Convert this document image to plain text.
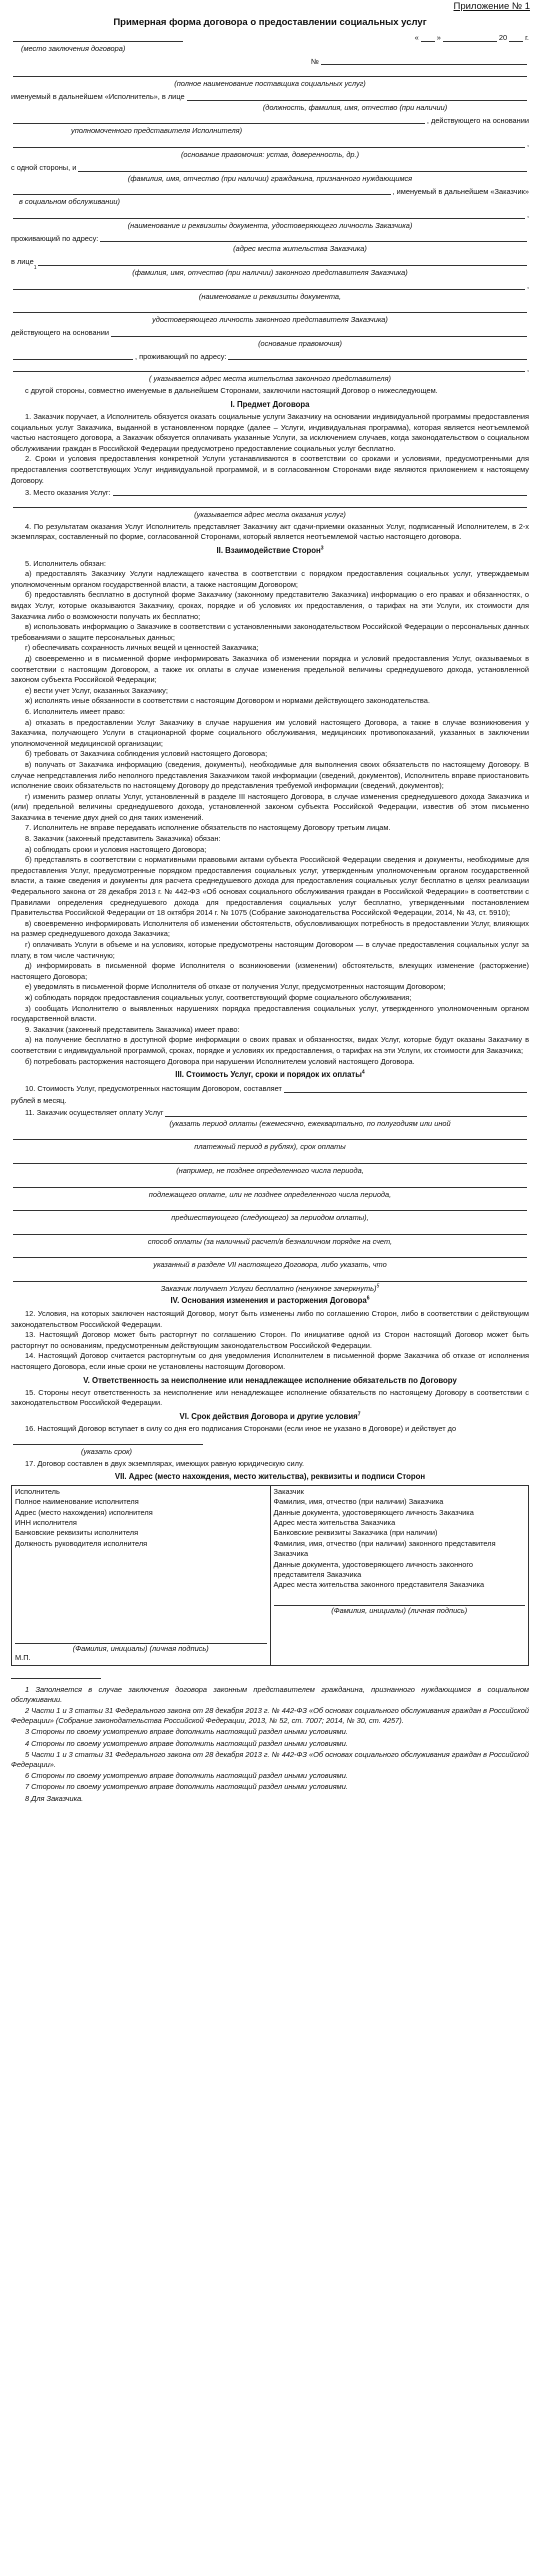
Приложение № 1
Примерная форма договора о предоставлении социальных услуг
« »	20 г.
(место заключения договора)
№
(полное наименование поставщика социальных услуг)
именуемый в дальнейшем «Исполнитель», в лице
(должность, фамилия, имя, отчество (при наличии)
, действующего на основании
уполномоченного представителя Исполнителя)
,
(основание правомочия: устав, доверенность, др.)
с одной стороны, и
(фамилия, имя, отчество (при наличии) гражданина, признанного нуждающимся
, именуемый в дальнейшем «Заказчик»
в социальном обслуживании)
,
(наименование и реквизиты документа, удостоверяющего личность Заказчика)
проживающий по адресу:
(адрес места жительства Заказчика)
в лице
1	(фамилия, имя, отчество (при наличии) законного представителя Заказчика)
,
(наименование и реквизиты документа,
удостоверяющего личность законного представителя Заказчика)
действующего на основании
(основание правомочия)
, проживающий по адресу:
,
( указывается адрес места жительства законного представителя)
с другой стороны, совместно именуемые в дальнейшем Сторонами, заключили настоящий Договор о нижеследующем.
I. Предмет Договора
1. Заказчик поручает, а Исполнитель обязуется оказать социальные услуги Заказчику на основании индивидуальной программы предоставления социальных услуг Заказчика, выданной в установленном порядке (далее – Услуги, индивидуальная программа), которая является неотъемлемой частью настоящего договора, а Заказчик обязуется оплачивать указанные Услуги, за исключением случаев, когда законодательством о социальном обслуживании граждан в Российской Федерации предусмотрено предоставление социальных услуг бесплатно.
2. Сроки и условия предоставления конкретной Услуги устанавливаются в соответствии со сроками и условиями, предусмотренными для предоставления соответствующих Услуг индивидуальной программой, и в согласованном Сторонами виде являются приложением к настоящему Договору.
3. Место оказания Услуг:
(указывается адрес места оказания услуг)
4. По результатам оказания Услуг Исполнитель представляет Заказчику акт сдачи-приемки оказанных Услуг, подписанный Исполнителем, в 2-х экземплярах, составленный по форме, согласованной Сторонами, который является неотъемлемой частью настоящего договора.
II. Взаимодействие Сторон$^3$
5. Исполнитель обязан:
а) предоставлять Заказчику Услуги надлежащего качества в соответствии с порядком предоставления социальных услуг, утверждаемым уполномоченным органом государственной власти, а также настоящим Договором;
б) предоставлять бесплатно в доступной форме Заказчику (законному представителю Заказчика) информацию о его правах и обязанностях, о видах Услуг, которые оказываются Заказчику, сроках, порядке и об условиях их предоставления, о тарифах на эти Услуги, их стоимости для Заказчика либо о возможности получать их бесплатно;
в) использовать информацию о Заказчике в соответствии с установленными законодательством Российской Федерации о персональных данных требованиями о защите персональных данных;
г) обеспечивать сохранность личных вещей и ценностей Заказчика;
д) своевременно и в письменной форме информировать Заказчика об изменении порядка и условий предоставления Услуг, оказываемых в соответствии с настоящим Договором, а также их оплаты в случае изменения предельной величины среднедушевого дохода, установленной законом субъекта Российской Федерации;
е) вести учет Услуг, оказанных Заказчику;
ж) исполнять иные обязанности в соответствии с настоящим Договором и нормами действующего законодательства.
6. Исполнитель имеет право:
а) отказать в предоставлении Услуг Заказчику в случае нарушения им условий настоящего Договора, а также в случае возникновения у Заказчика, получающего Услуги в стационарной форме социального обслуживания, медицинских противопоказаний, указанных в заключении уполномоченной медицинской организации;
б) требовать от Заказчика соблюдения условий настоящего Договора;
в) получать от Заказчика информацию (сведения, документы), необходимые для выполнения своих обязательств по настоящему Договору. В случае непредставления либо неполного представления Заказчиком такой информации (сведений, документов), Исполнитель вправе приостановить исполнение своих обязательств по настоящему Договору до представления требуемой информации (сведений, документов);
г) изменить размер оплаты Услуг, установленный в разделе III настоящего Договора, в случае изменения среднедушевого дохода Заказчика и (или) предельной величины среднедушевого дохода, установленной законом субъекта Российской Федерации, известив об этом письменно Заказчика в течение двух дней со дня таких изменений.
7. Исполнитель не вправе передавать исполнение обязательств по настоящему Договору третьим лицам.
8. Заказчик (законный представитель Заказчика) обязан:
а) соблюдать сроки и условия настоящего Договора;
б) представлять в соответствии с нормативными правовыми актами субъекта Российской Федерации сведения и документы, необходимые для предоставления Услуг, предусмотренные порядком предоставления социальных услуг, утвержденным уполномоченным органом государственной власти, а также сведения и документы для расчета среднедушевого дохода для предоставления социальных услуг бесплатно в целях реализации Федерального закона от 28 декабря 2013 г. № 442-ФЗ «Об основах социального обслуживания граждан в Российской Федерации» в соответствии с Правилами определения среднедушевого дохода для предоставления социальных услуг бесплатно, утвержденными постановлением Правительства Российской Федерации от 18 октября 2014 г. № 1075 (Собрание законодательства Российской Федерации, 2014, № 43, ст. 5910);
в) своевременно информировать Исполнителя об изменении обстоятельств, обусловливающих потребность в предоставлении Услуг, влияющих на размер среднедушевого дохода Заказчика;
г) оплачивать Услуги в объеме и на условиях, которые предусмотрены настоящим Договором — в случае предоставления социальных услуг за плату, в том числе частичную;
д) информировать в письменной форме Исполнителя о возникновении (изменении) обстоятельств, влекущих изменение (расторжение) настоящего Договора;
е) уведомлять в письменной форме Исполнителя об отказе от получения Услуг, предусмотренных настоящим Договором;
ж) соблюдать порядок предоставления социальных услуг, соответствующий форме социального обслуживания;
з) сообщать Исполнителю о выявленных нарушениях порядка предоставления социальных услуг, утвержденного уполномоченным органом государственной власти.
9. Заказчик (законный представитель Заказчика) имеет право:
а) на получение бесплатно в доступной форме информации о своих правах и обязанностях, видах Услуг, которые будут оказаны Заказчику в соответствии с индивидуальной программой, сроках, порядке и условиях их предоставления, о тарифах на эти Услуги, их стоимости для Заказчика;
б) потребовать расторжения настоящего Договора при нарушении Исполнителем условий настоящего Договора.
III. Стоимость Услуг, сроки и порядок их оплаты$^4$
10. Стоимость Услуг, предусмотренных настоящим Договором, составляет
рублей в месяц .
11. Заказчик осуществляет оплату Услуг
(указать период оплаты (ежемесячно, ежеквартально, по полугодиям или иной
платежный период в рублях), срок оплаты
(например, не позднее определенного числа периода,
подлежащего оплате, или не позднее определенного числа периода,
предшествующего (следующего) за периодом оплаты),
способ оплаты (за наличный расчет/в безналичном порядке на счет,
указанный в разделе VII настоящего Договора, либо указать, что
Заказчик получает Услуги бесплатно (ненужное зачеркнуть)$^5$
IV. Основания изменения и расторжения Договора$^6$
12. Условия, на которых заключен настоящий Договор, могут быть изменены либо по соглашению Сторон, либо в соответствии с действующим законодательством Российской Федерации.
13. Настоящий Договор может быть расторгнут по соглашению Сторон. По инициативе одной из Сторон настоящий Договор может быть расторгнут по основаниям, предусмотренным действующим законодательством Российской Федерации.
14. Настоящий Договор считается расторгнутым со дня уведомления Исполнителем в письменной форме Заказчика об отказе от исполнения настоящего Договора, если иные сроки не установлены настоящим Договором.
V. Ответственность за неисполнение или ненадлежащее исполнение обязательств по Договору
15. Стороны несут ответственность за неисполнение или ненадлежащее исполнение обязательств по настоящему Договору в соответствии с законодательством Российской Федерации.
VI. Срок действия Договора и другие условия$^7$
16. Настоящий Договор вступает в силу со дня его подписания Сторонами (если иное не указано в Договоре) и действует до
(указать срок)
17. Договор составлен в двух экземплярах, имеющих равную юридическую силу.
VII. Адрес (место нахождения, место жительства), реквизиты и подписи Сторон
Исполнитель
Полное наименование исполнителя
Адрес (место нахождения) исполнителя
ИНН исполнителя
Банковские реквизиты исполнителя
Должность руководителя исполнителя
(Фамилия, инициалы) (личная подпись)
М.П.

Заказчик
Фамилия, имя, отчество (при наличии) Заказчика
Данные документа, удостоверяющего личность Заказчика
Адрес места жительства Заказчика
Банковские реквизиты Заказчика (при наличии)
Фамилия, имя, отчество (при наличии) законного представителя Заказчика
Данные документа, удостоверяющего личность законного представителя Заказчика
Адрес места жительства законного представителя Заказчика
(Фамилия, инициалы) (личная подпись)
1 Заполняется в случае заключения договора законным представителем гражданина, признанного нуждающимся в социальном обслуживании.
2 Части 1 и 3 статьи 31 Федерального закона от 28 декабря 2013 г. № 442-ФЗ «Об основах социального обслуживания граждан в Российской Федерации» (Собрание законодательства Российской Федерации, 2013, № 52, ст. 7007; 2014, № 30, ст. 4257).
3 Стороны по своему усмотрению вправе дополнить настоящий раздел иными условиями.
4 Стороны по своему усмотрению вправе дополнить настоящий раздел иными условиями.
5 Части 1 и 3 статьи 31 Федерального закона от 28 декабря 2013 г. № 442-ФЗ «Об основах социального обслуживания граждан в Российской Федерации».
6 Стороны по своему усмотрению вправе дополнить настоящий раздел иными условиями.
7 Стороны по своему усмотрению вправе дополнить настоящий раздел иными условиями.
8 Для Заказчика.
